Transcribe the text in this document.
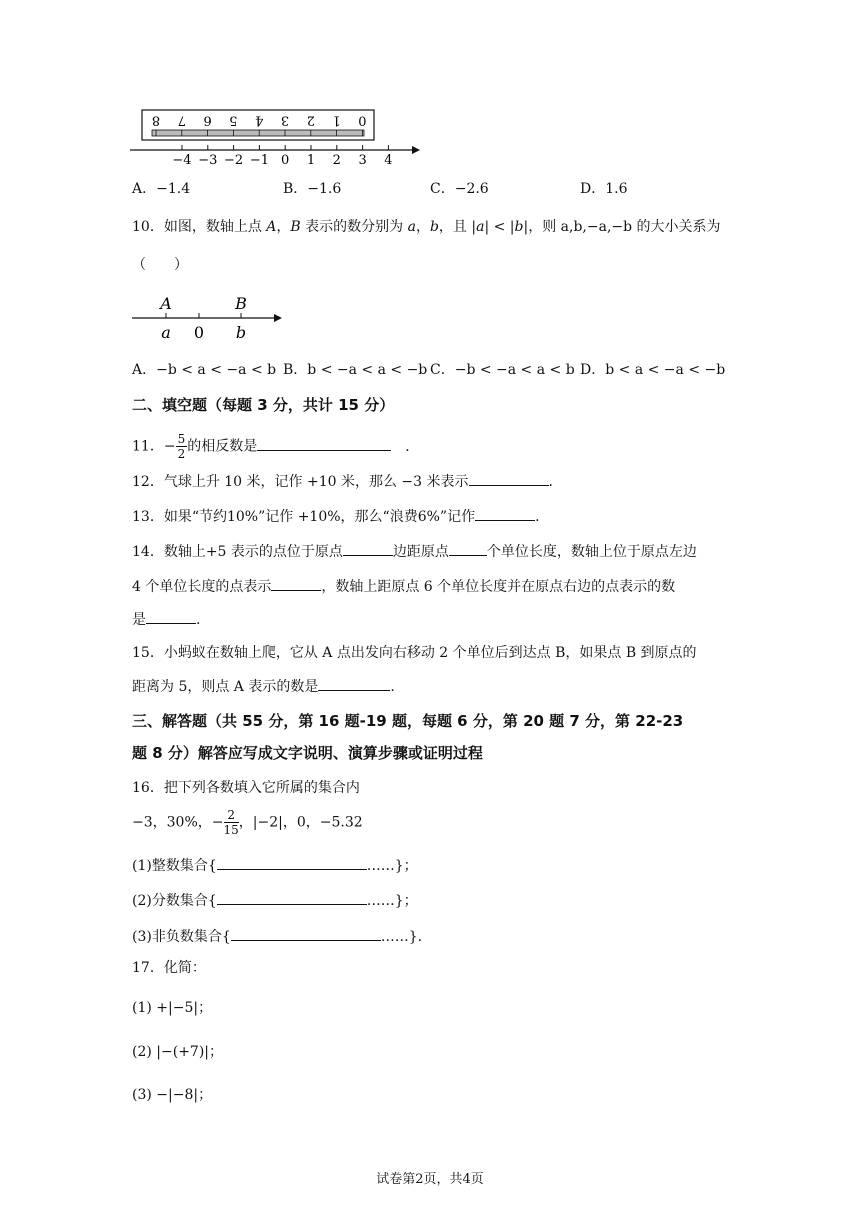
8 7 6 5 4 3 2 1 0
−4 −3 −2 −1 0 1 2 3 4
A．−1.4	B．−1.6	C．−2.6	D．1.6
10．如图，数轴上点 A，B 表示的数分别为 a，b，且 |a| < |b|，则 a,b,−a,−b 的大小关系为
（　　）
A	B
a 0 b
A．−b < a < −a < b B．b < −a < a < −b C．−b < −a < a < b D．b < a < −a < −b
二、填空题（每题 3 分，共计 15 分）
11．− $\frac{5}{2}$ 的相反数是	．
12．气球上升 10 米，记作 +10 米，那么 −3 米表示	.
13．如果“节约10%”记作 +10%，那么“浪费6%”记作	.
14．数轴上+5 表示的点位于原点	边距原点	个单位长度，数轴上位于原点左边
4 个单位长度的点表示	，数轴上距原点 6 个单位长度并在原点右边的点表示的数
是	.
15．小蚂蚁在数轴上爬，它从 A 点出发向右移动 2 个单位后到达点 B，如果点 B 到原点的
距离为 5，则点 A 表示的数是	.
三、解答题（共 55 分，第 16 题-19 题，每题 6 分，第 20 题 7 分，第 22-23
题 8 分）解答应写成文字说明、演算步骤或证明过程
16．把下列各数填入它所属的集合内
−3，30%，− $\frac{2}{15}$ ，|−2|，0，−5.32
(1)整数集合{	……}；
(2)分数集合{	……}；
(3)非负数集合{	……}.
17．化简：
(1) +|−5|；
(2) |−(+7)|；
(3) −|−8|；
试卷第2页，共4页
